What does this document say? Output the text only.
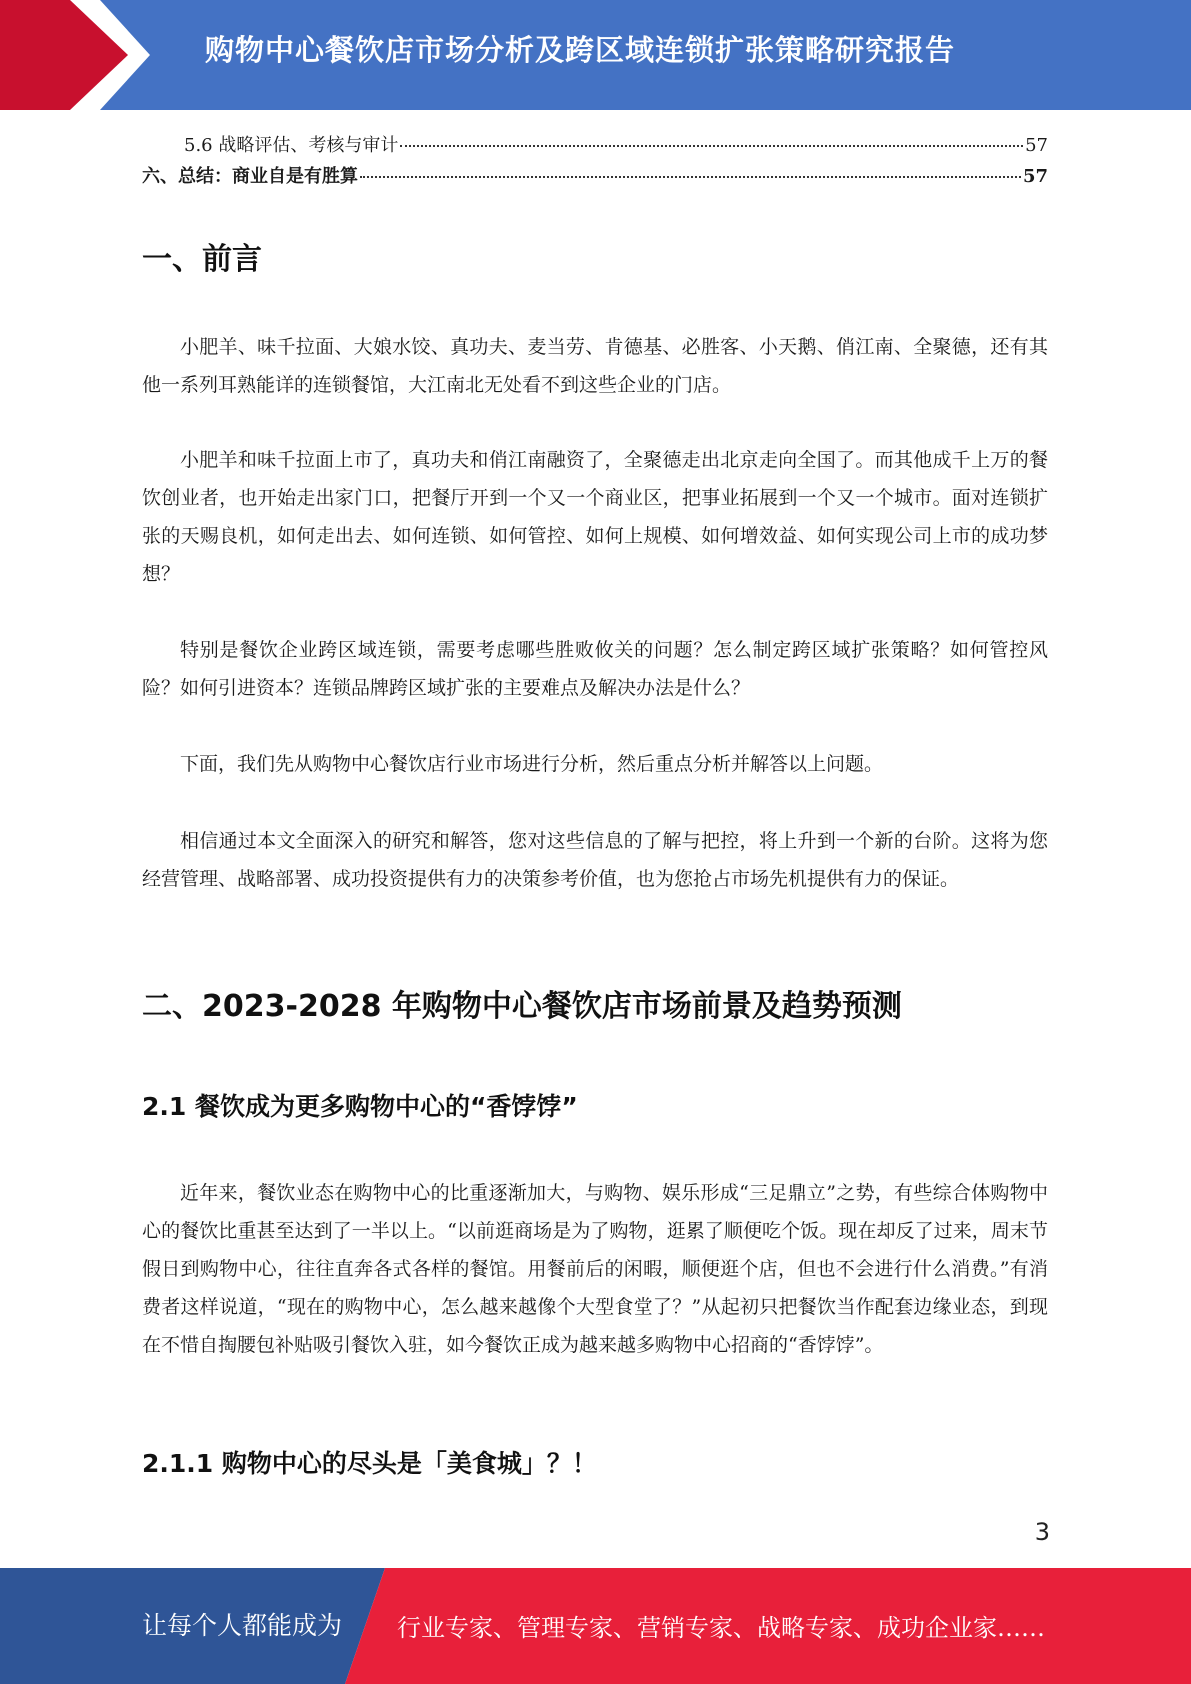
购物中心餐饮店市场分析及跨区域连锁扩张策略研究报告
5.6 战略评估、考核与审计	57
六、总结：商业自是有胜算	57
一、前言

小肥羊、味千拉面、大娘水饺、真功夫、麦当劳、肯德基、必胜客、小天鹅、俏江南、全聚德，还有其他一系列耳熟能详的连锁餐馆，大江南北无处看不到这些企业的门店。

小肥羊和味千拉面上市了，真功夫和俏江南融资了，全聚德走出北京走向全国了。而其他成千上万的餐饮创业者，也开始走出家门口，把餐厅开到一个又一个商业区，把事业拓展到一个又一个城市。面对连锁扩张的天赐良机，如何走出去、如何连锁、如何管控、如何上规模、如何增效益、如何实现公司上市的成功梦想？

特别是餐饮企业跨区域连锁，需要考虑哪些胜败攸关的问题？怎么制定跨区域扩张策略？如何管控风险？如何引进资本？连锁品牌跨区域扩张的主要难点及解决办法是什么？

下面，我们先从购物中心餐饮店行业市场进行分析，然后重点分析并解答以上问题。

相信通过本文全面深入的研究和解答，您对这些信息的了解与把控，将上升到一个新的台阶。这将为您经营管理、战略部署、成功投资提供有力的决策参考价值，也为您抢占市场先机提供有力的保证。

二、2023-2028 年购物中心餐饮店市场前景及趋势预测
2.1 餐饮成为更多购物中心的“香饽饽”

近年来，餐饮业态在购物中心的比重逐渐加大，与购物、娱乐形成“三足鼎立”之势，有些综合体购物中心的餐饮比重甚至达到了一半以上。“以前逛商场是为了购物，逛累了顺便吃个饭。现在却反了过来，周末节假日到购物中心，往往直奔各式各样的餐馆。用餐前后的闲暇，顺便逛个店，但也不会进行什么消费。”有消费者这样说道，“现在的购物中心，怎么越来越像个大型食堂了？”从起初只把餐饮当作配套边缘业态，到现在不惜自掏腰包补贴吸引餐饮入驻，如今餐饮正成为越来越多购物中心招商的“香饽饽”。

2.1.1 购物中心的尽头是「美食城」？！
3
让每个人都能成为 行业专家、管理专家、营销专家、战略专家、成功企业家……
